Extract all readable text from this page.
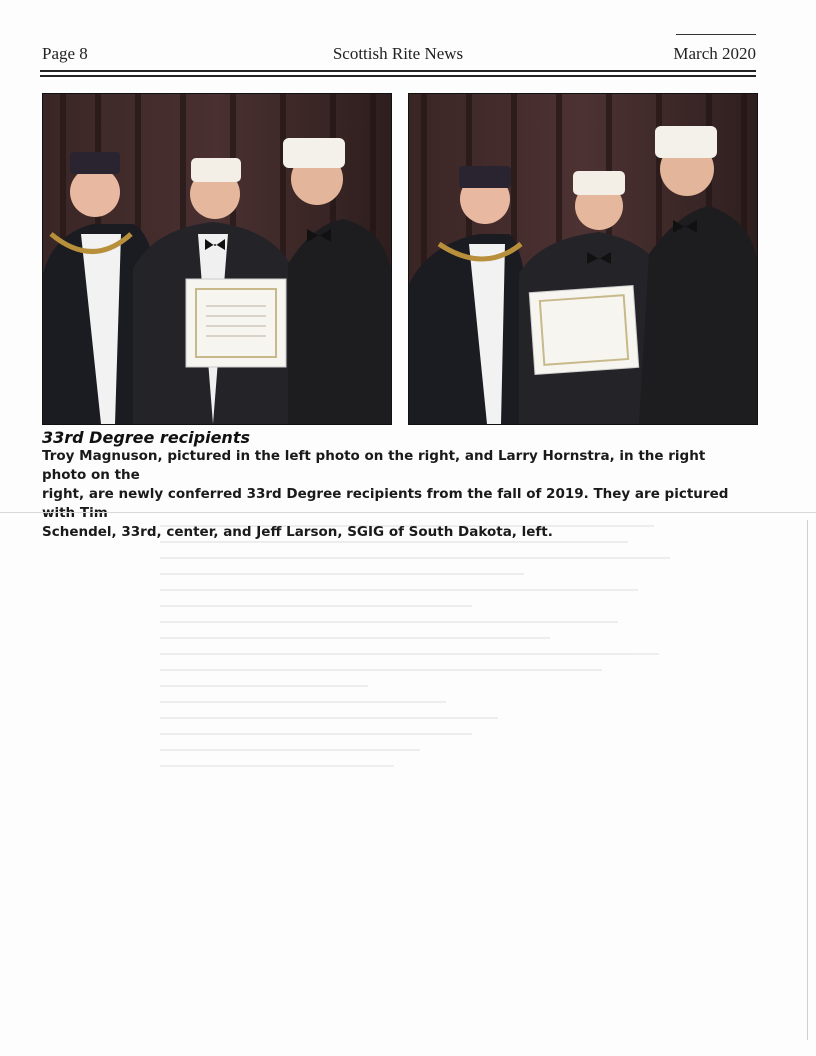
Page 8	Scottish Rite News	March 2020
33rd Degree recipients
Troy Magnuson, pictured in the left photo on the right, and Larry Hornstra, in the right photo on the
right, are newly conferred 33rd Degree recipients from the fall of 2019. They are pictured with Tim
Schendel, 33rd, center, and Jeff Larson, SGIG of South Dakota, left.
